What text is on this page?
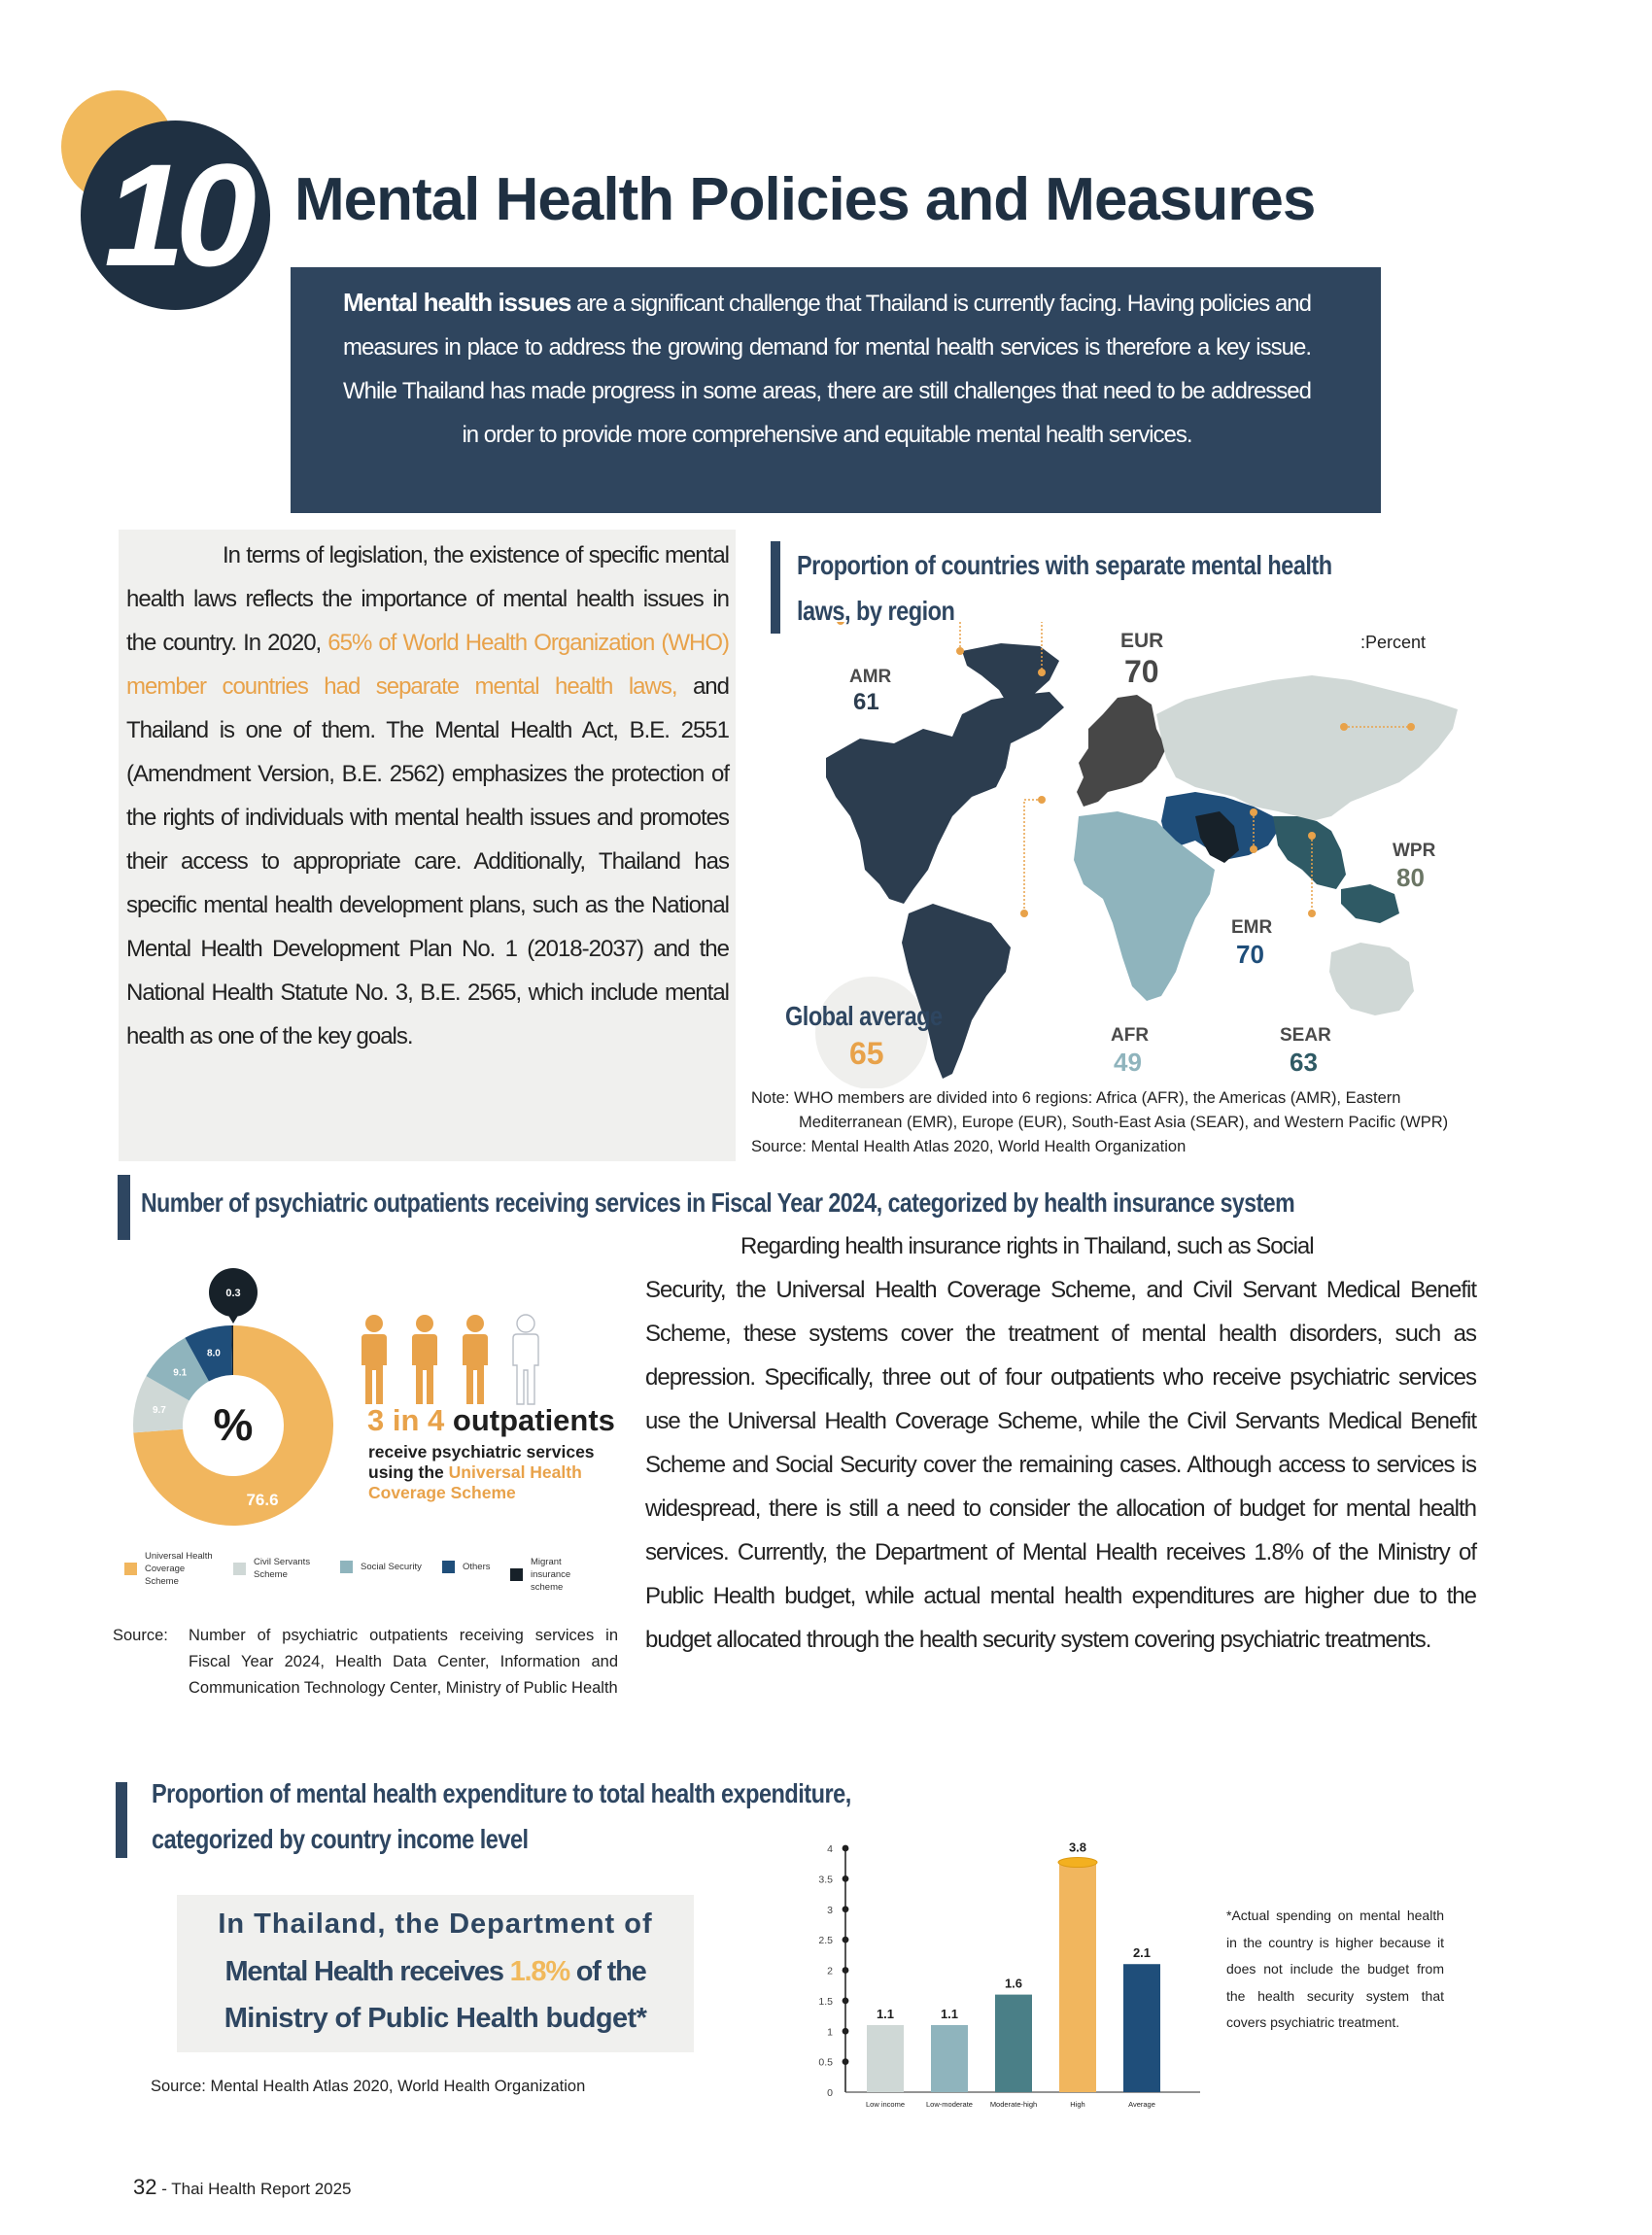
10 Mental Health Policies and Measures
Mental health issues are a significant challenge that Thailand is currently facing. Having policies and measures in place to address the growing demand for mental health services is therefore a key issue. While Thailand has made progress in some areas, there are still challenges that need to be addressed in order to provide more comprehensive and equitable mental health services.
In terms of legislation, the existence of specific mental health laws reflects the importance of mental health issues in the country. In 2020, 65% of World Health Organization (WHO) member countries had separate mental health laws, and Thailand is one of them. The Mental Health Act, B.E. 2551 (Amendment Version, B.E. 2562) emphasizes the protection of the rights of individuals with mental health issues and promotes their access to appropriate care. Additionally, Thailand has specific mental health development plans, such as the National Mental Health Development Plan No. 1 (2018-2037) and the National Health Statute No. 3, B.E. 2565, which include mental health as one of the key goals.
Proportion of countries with separate mental health
laws, by region
:Percent
AMR
61
EUR
70
WPR
80
EMR
70
AFR
49
SEAR
63
Global average
65
Note: WHO members are divided into 6 regions: Africa (AFR), the Americas (AMR), Eastern
Mediterranean (EMR), Europe (EUR), South-East Asia (SEAR), and Western Pacific (WPR)
Source: Mental Health Atlas 2020, World Health Organization
Number of psychiatric outpatients receiving services in Fiscal Year 2024, categorized by health insurance system
76.6
9.7
9.1
8.0
0.3
%	3 in 4 outpatients
receive psychiatric services
using the Universal Health
Coverage Scheme
Universal Health Coverage Scheme
Civil Servants Scheme
Social Security	Others	Migrant insurance scheme
Source:	Number of psychiatric outpatients receiving services in Fiscal Year 2024, Health Data Center, Information and Communication Technology Center, Ministry of Public Health
Regarding health insurance rights in Thailand, such as Social
Security, the Universal Health Coverage Scheme, and Civil Servant Medical Benefit Scheme, these systems cover the treatment of mental health disorders, such as depression. Specifically, three out of four outpatients who receive psychiatric services use the Universal Health Coverage Scheme, while the Civil Servants Medical Benefit Scheme and Social Security cover the remaining cases. Although access to services is widespread, there is still a need to consider the allocation of budget for mental health services. Currently, the Department of Mental Health receives 1.8% of the Ministry of Public Health budget, while actual mental health expenditures are higher due to the budget allocated through the health security system covering psychiatric treatments.
Proportion of mental health expenditure to total health expenditure,
categorized by country income level
In Thailand, the Department of
Mental Health receives 1.8% of the
Ministry of Public Health budget*
Source: Mental Health Atlas 2020, World Health Organization	0
0.5
1
1.5
2
2.5
3
3.5
4
1.1
Low income
1.1
Low-moderate
1.6
Moderate-high
3.8
High
2.1
Average
*Actual spending on mental health in the country is higher because it does not include the budget from the health security system that covers psychiatric treatment.
32 - Thai Health Report 2025
